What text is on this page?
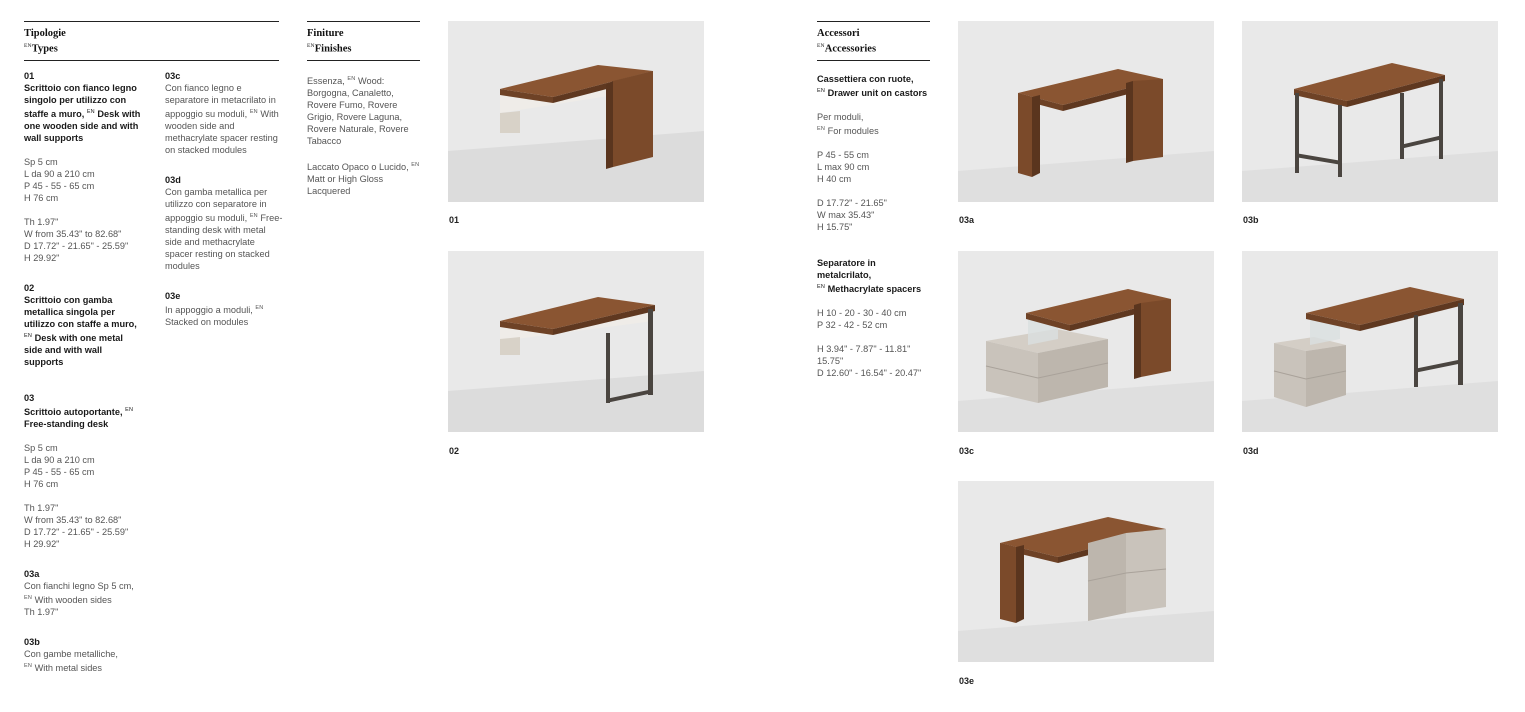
Tipologie
$^{EN}$Types
01
Scrittoio con fianco legno singolo per utilizzo con staffe a muro, $^{EN}$ Desk with one wooden side and with wall supports
Sp 5 cm
L da 90 a 210 cm
P 45 - 55 - 65 cm
H 76 cm
Th 1.97"
W from 35.43" to 82.68"
D 17.72" - 21.65" - 25.59"
H 29.92"
02
Scrittoio con gamba metallica singola per utilizzo con staffe a muro, $^{EN}$ Desk with one metal side and with wall supports
03
Scrittoio autoportante, $^{EN}$ Free-standing desk
Sp 5 cm
L da 90 a 210 cm
P 45 - 55 - 65 cm
H 76 cm
Th 1.97"
W from 35.43" to 82.68"
D 17.72" - 21.65" - 25.59"
H 29.92"
03a
Con fianchi legno Sp 5 cm, $^{EN}$ With wooden sides
Th 1.97"
03b
Con gambe metalliche,
$^{EN}$ With metal sides
03c
Con fianco legno e separatore in metacrilato in appoggio su moduli, $^{EN}$ With wooden side and methacrylate spacer resting on stacked modules
03d
Con gamba metallica per utilizzo con separatore in appoggio su moduli, $^{EN}$ Free-standing desk with metal side and methacrylate spacer resting on stacked modules
03e
In appoggio a moduli, $^{EN}$ Stacked on modules
Finiture
$^{EN}$Finishes
Essenza, $^{EN}$ Wood: Borgogna, Canaletto, Rovere Fumo, Rovere Grigio, Rovere Laguna, Rovere Naturale, Rovere Tabacco
Laccato Opaco o Lucido, $^{EN}$ Matt or High Gloss Lacquered
Accessori
$^{EN}$Accessories
Cassettiera con ruote,
$^{EN}$ Drawer unit on castors
Per moduli,
$^{EN}$ For modules
P 45 - 55 cm
L max 90 cm
H 40 cm
D 17.72" - 21.65"
W max 35.43"
H 15.75"
Separatore in metalcrilato,
$^{EN}$ Methacrylate spacers
H 10 - 20 - 30 - 40 cm
P 32 - 42 - 52 cm
H 3.94" - 7.87" - 11.81"
15.75"
D 12.60" - 16.54" - 20.47"
01
02
03a	03b
03c	03d
03e
